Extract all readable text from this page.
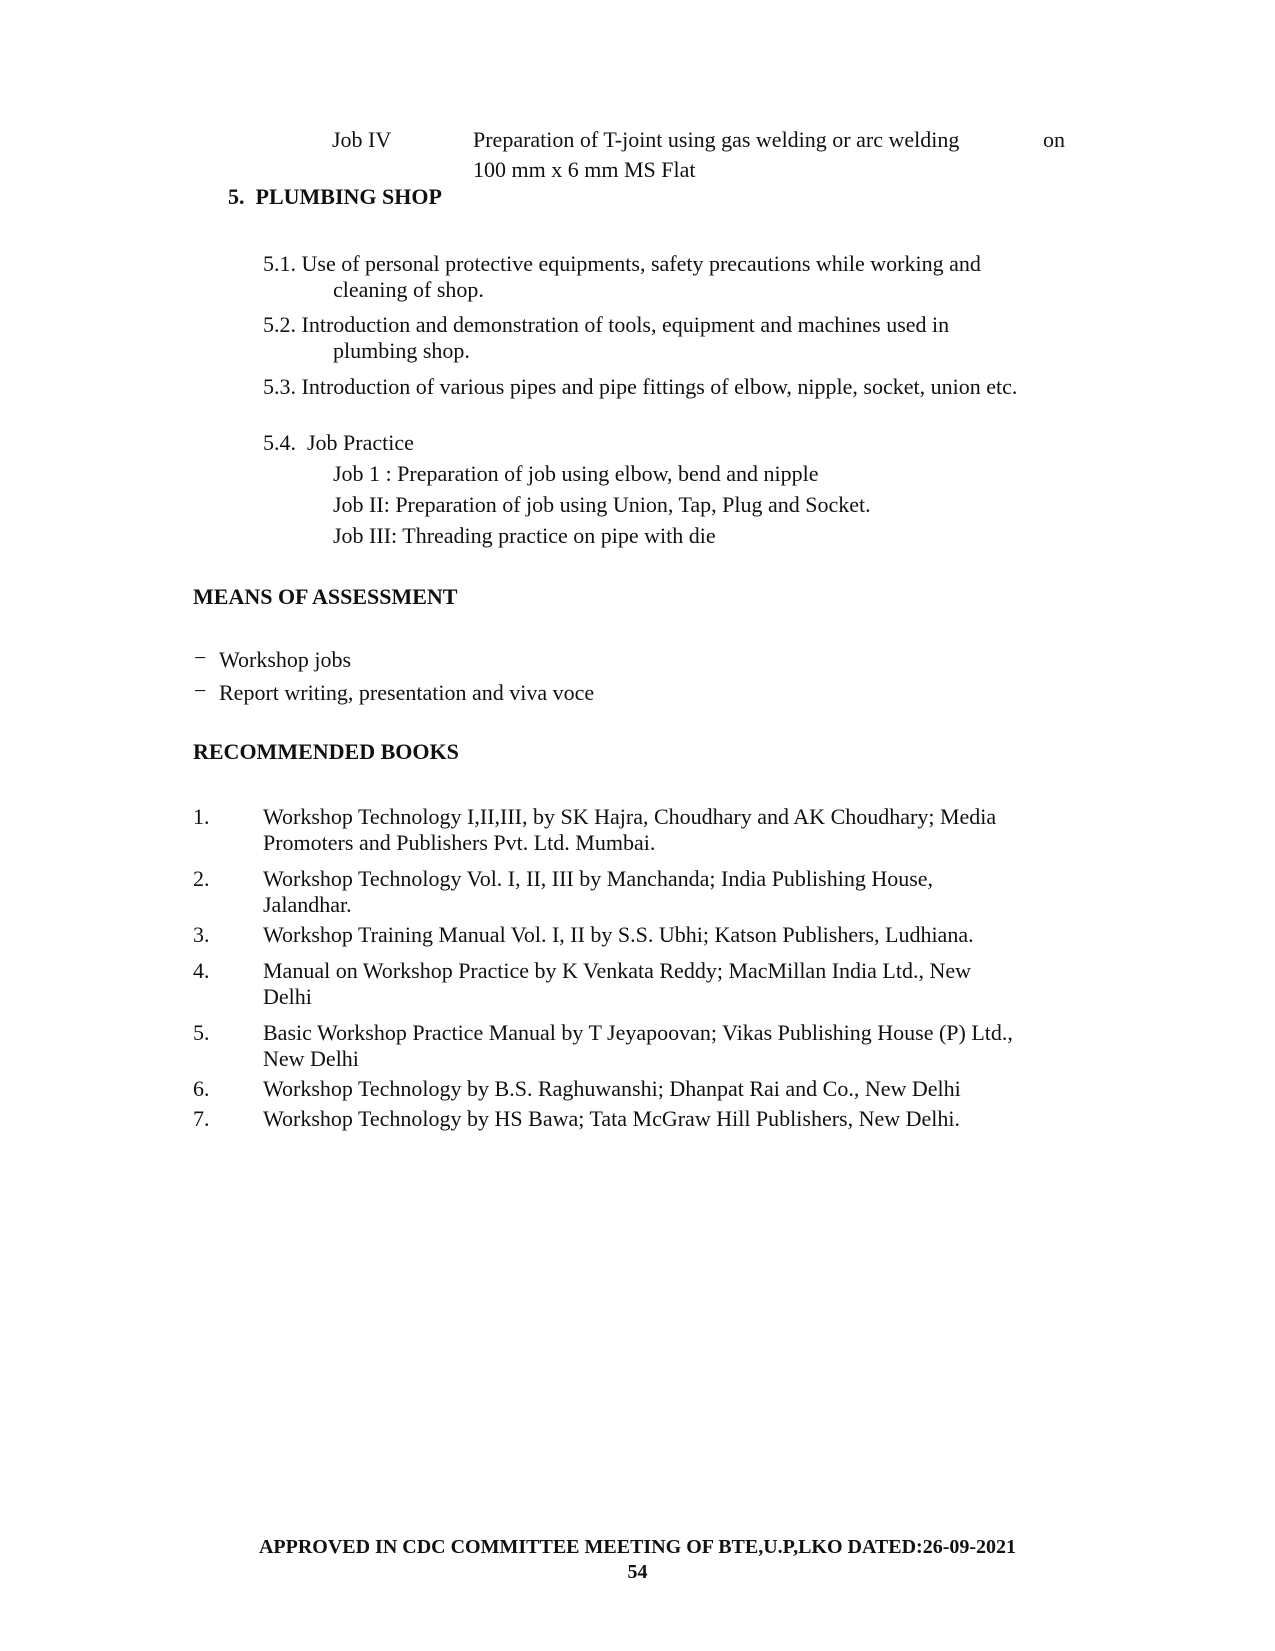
Job IV	Preparation of T-joint using gas welding or arc welding	on
100 mm x 6 mm MS Flat
5.  PLUMBING SHOP
5.1. Use of personal protective equipments, safety precautions while working and
cleaning of shop.
5.2. Introduction and demonstration of tools, equipment and machines used in
plumbing shop.
5.3. Introduction of various pipes and pipe fittings of elbow, nipple, socket, union etc.
5.4.  Job Practice
Job 1 : Preparation of job using elbow, bend and nipple
Job II: Preparation of job using Union, Tap, Plug and Socket.
Job III: Threading practice on pipe with die
MEANS OF ASSESSMENT
− Workshop jobs
− Report writing, presentation and viva voce
RECOMMENDED BOOKS
1. Workshop Technology I,II,III, by SK Hajra, Choudhary and AK Choudhary; Media
Promoters and Publishers Pvt. Ltd. Mumbai.
2. Workshop Technology Vol. I, II, III by Manchanda; India Publishing House,
Jalandhar.
3. Workshop Training Manual Vol. I, II by S.S. Ubhi; Katson Publishers, Ludhiana.
4. Manual on Workshop Practice by K Venkata Reddy; MacMillan India Ltd., New
Delhi
5. Basic Workshop Practice Manual by T Jeyapoovan; Vikas Publishing House (P) Ltd.,
New Delhi
6. Workshop Technology by B.S. Raghuwanshi; Dhanpat Rai and Co., New Delhi
7. Workshop Technology by HS Bawa; Tata McGraw Hill Publishers, New Delhi.
APPROVED IN CDC COMMITTEE MEETING OF BTE,U.P,LKO DATED:26-09-2021
54
